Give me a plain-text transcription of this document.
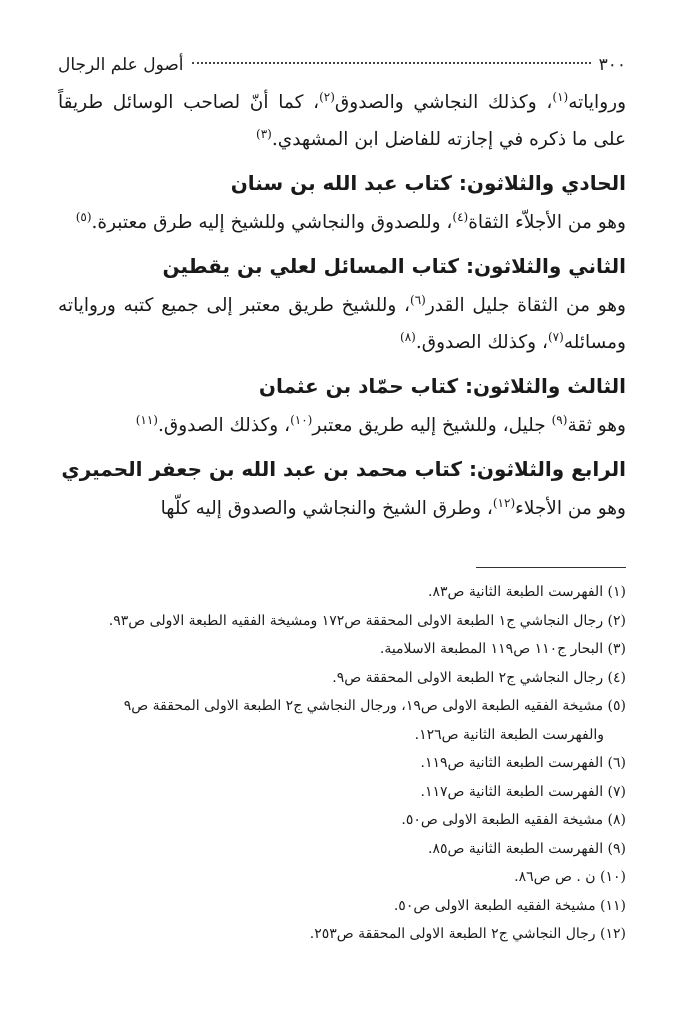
٣٠٠
أصول علم الرجال

ورواياته$^{(١)}$، وكذلك النجاشي والصدوق$^{(٢)}$، كما أنّ لصاحب الوسائل طريقاً على ما ذكره في إجازته للفاضل ابن المشهدي.$^{(٣)}$

الحادي والثلاثون: كتاب عبد الله بن سنان

وهو من الأجلاّء الثقاة$^{(٤)}$، وللصدوق والنجاشي وللشيخ إليه طرق معتبرة.$^{(٥)}$

الثاني والثلاثون: كتاب المسائل لعلي بن يقطين

وهو من الثقاة جليل القدر$^{(٦)}$، وللشيخ طريق معتبر إلى جميع كتبه ورواياته ومسائله$^{(٧)}$، وكذلك الصدوق.$^{(٨)}$

الثالث والثلاثون: كتاب حمّاد بن عثمان

وهو ثقة$^{(٩)}$ جليل، وللشيخ إليه طريق معتبر$^{(١٠)}$، وكذلك الصدوق.$^{(١١)}$

الرابع والثلاثون: كتاب محمد بن عبد الله بن جعفر الحميري

وهو من الأجلاء$^{(١٢)}$، وطرق الشيخ والنجاشي والصدوق إليه كلّها

(١) الفهرست الطبعة الثانية ص٨٣.
(٢) رجال النجاشي ج١ الطبعة الاولى المحققة ص١٧٢ ومشيخة الفقيه الطبعة الاولى ص٩٣.
(٣) البحار ج١١٠ ص١١٩ المطبعة الاسلامية.
(٤) رجال النجاشي ج٢ الطبعة الاولى المحققة ص٩.
(٥) مشيخة الفقيه الطبعة الاولى ص١٩، ورجال النجاشي ج٢ الطبعة الاولى المحققة ص٩
والفهرست الطبعة الثانية ص١٢٦.
(٦) الفهرست الطبعة الثانية ص١١٩.
(٧) الفهرست الطبعة الثانية ص١١٧.
(٨) مشيخة الفقيه الطبعة الاولى ص٥٠.
(٩) الفهرست الطبعة الثانية ص٨٥.
(١٠) ن . ص ص٨٦.
(١١) مشيخة الفقيه الطبعة الاولى ص٥٠.
(١٢) رجال النجاشي ج٢ الطبعة الاولى المحققة ص٢٥٣.
